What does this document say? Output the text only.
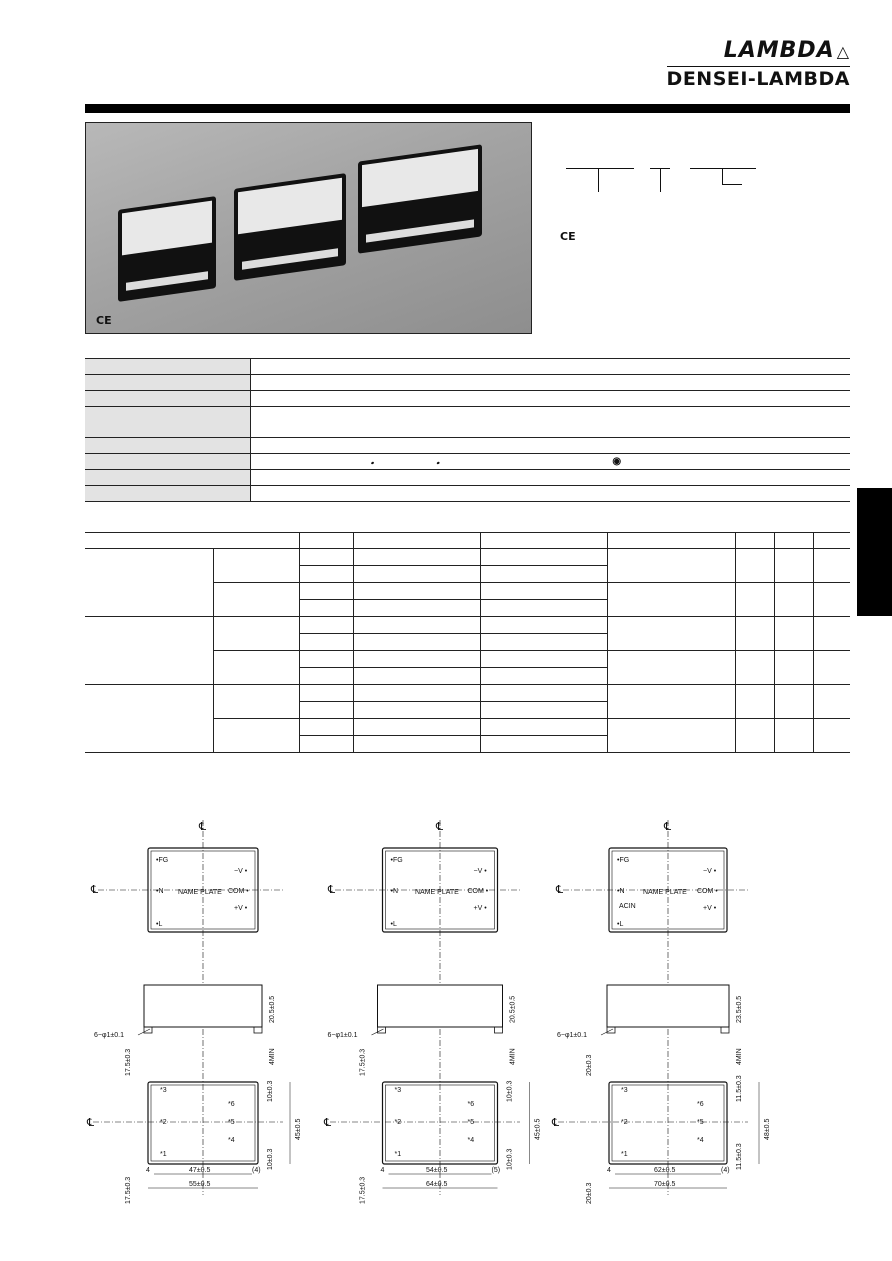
LAMBDA △
DENSEI-LAMBDA
CE
CE

	𝅘 𝅘 ◉

℄
℄
•FG
•N
•L
−V •
COM •
+V •
NAME PLATE
20.5±0.5
4MIN
6−φ1±0.1
℄
*3
*2
*1
*6
*5
*4
17.5±0.3
17.5±0.3
10±0.3
10±0.3
45±0.5
47±0.5
4	(4)
55±0.5
℄
℄
•FG
•N
•L
−V •
COM •
+V •
NAME PLATE
20.5±0.5
4MIN
6−φ1±0.1
℄
*3
*2
*1
*6
*5
*4
17.5±0.3
17.5±0.3
10±0.3
10±0.3
45±0.5
54±0.5
4	(5)
64±0.5
℄
℄
•FG
•N
•L
−V •
COM •
+V •
NAME PLATE
ACIN
23.5±0.5
4MIN
6−φ1±0.1
℄
*3
*2
*1
*6
*5
*4
20±0.3
20±0.3
11.5±0.3
11.5±0.3
48±0.5
62±0.5
4	(4)
70±0.5
